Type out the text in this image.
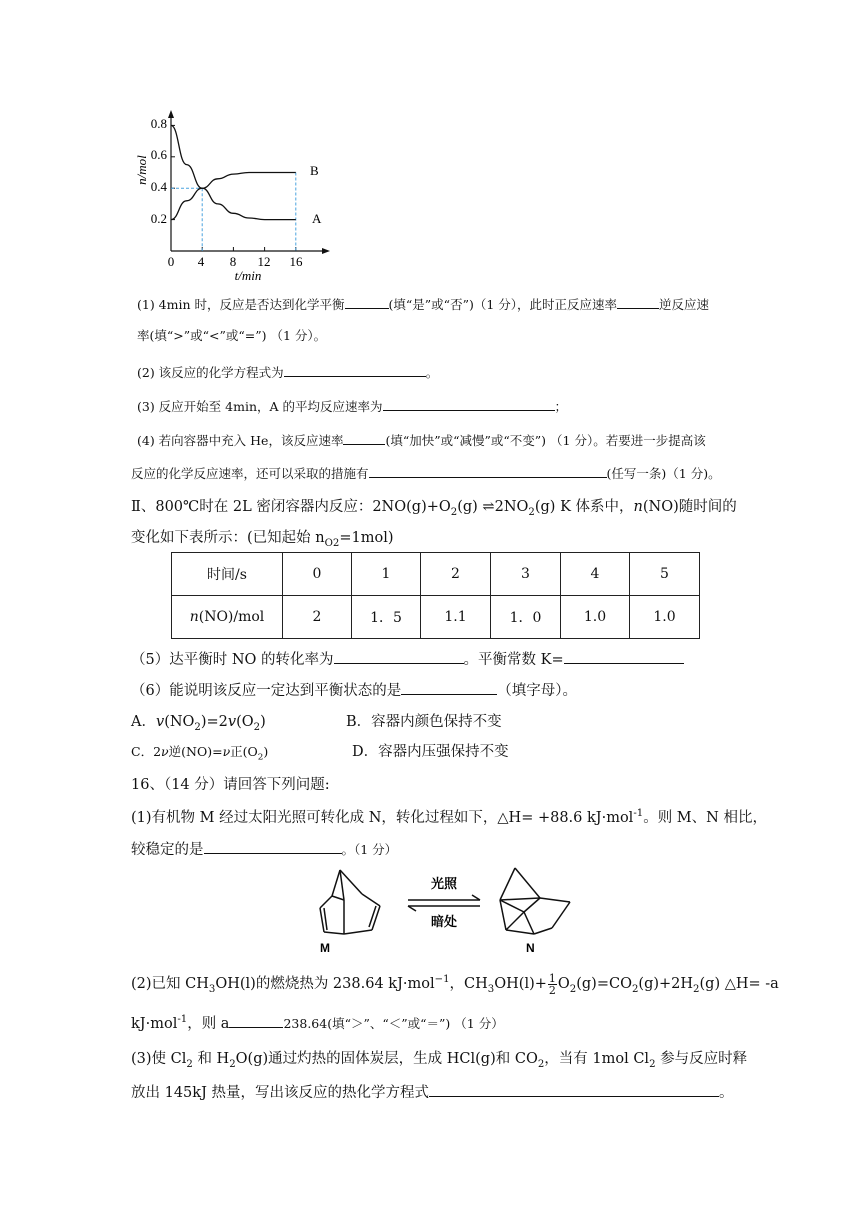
0.8
0.6
0.4
0.2
0 4 8 12 16
t/min
n/mol	B
A
(1) 4min 时，反应是否达到化学平衡	(填“是”或“否”)（1 分），此时正反应速率	逆反应速
率(填“>”或“<”或“=”) （1 分）。
(2) 该反应的化学方程式为	。
(3) 反应开始至 4min，A 的平均反应速率为	；
(4) 若向容器中充入 He，该反应速率	(填“加快”或“减慢”或“不变”) （1 分）。若要进一步提高该
反应的化学反应速率，还可以采取的措施有	(任写一条)（1 分)。
Ⅱ、800℃时在 2L 密闭容器内反应：$2NO(g)+O_2(g)$ $\rightleftharpoons 2NO_2(g)$ K 体系中，n(NO)随时间的
变化如下表所示：(已知起始 $n_{O2}=1mol$)
时间/s	0	1	2	3	4	5
n(NO)/mol	2	1．5	1.1	1．0	1.0	1.0
（5）达平衡时 NO 的转化率为	。平衡常数 K=
（6）能说明该反应一定达到平衡状态的是	（填字母）。
A．$v(NO_2)=2v(O_2)$	B．容器内颜色保持不变
C．2ν逆(NO)=ν正$(O_2)$	D．容器内压强保持不变
16、（14 分）请回答下列问题:
(1)有机物 M 经过太阳光照可转化成 N，转化过程如下，△H= +88.6 kJ·mol$^{-1}$。则 M、N 相比，
较稳定的是	。（1 分）
M
光照
暗处
N
(2)已知 $CH_3OH(l)$的燃烧热为 238.64 kJ·mol$^{-1}$，$CH_3OH(l)+ \frac{1}{2} O_2(g)=CO_2(g)+2H_2(g)$ △H= -a
kJ·mol$^{-1}$，则 a	238.64(填“＞”、“＜”或“＝”) （1 分）
(3)使 $Cl_2$ 和 $H_2O(g)$通过灼热的固体炭层，生成 HCl(g)和 $CO_2$，当有 1mol $Cl_2$ 参与反应时释
放出 145kJ 热量，写出该反应的热化学方程式	。
